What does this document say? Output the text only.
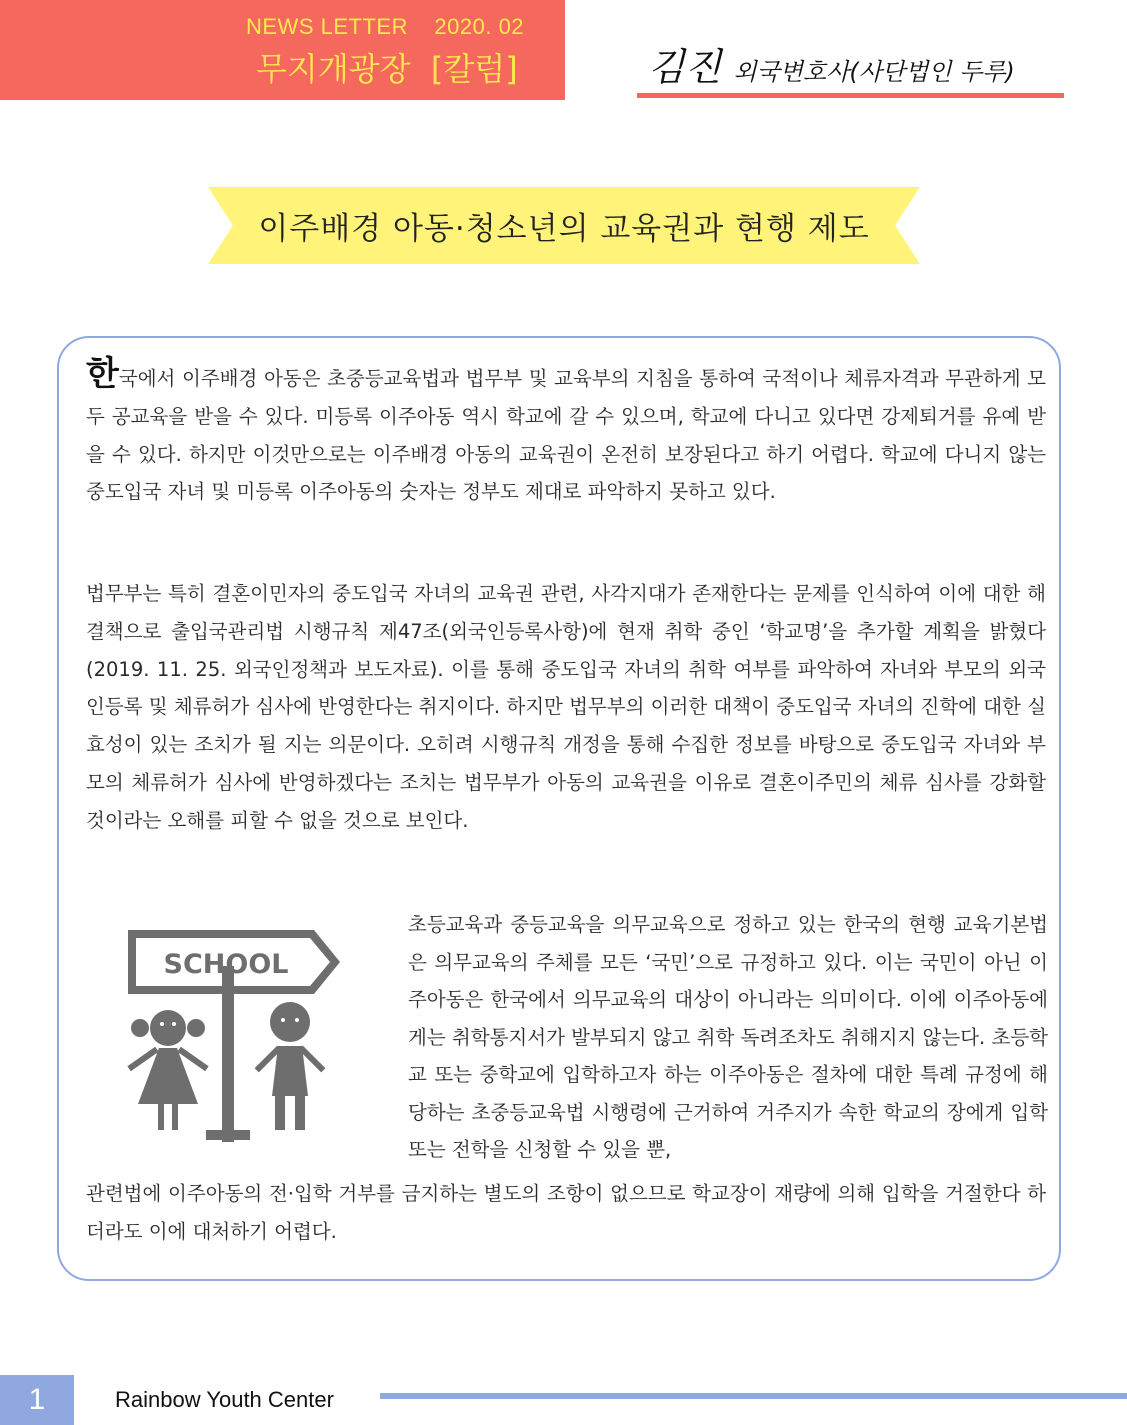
NEWS LETTER    2020. 02
무지개광장  [칼럼]	김진 외국변호사(사단법인 두루)
이주배경 아동·청소년의 교육권과 현행 제도

한국에서 이주배경 아동은 초중등교육법과 법무부 및 교육부의 지침을 통하여 국적이나 체류자격과 무관하게 모두 공교육을 받을 수 있다. 미등록 이주아동 역시 학교에 갈 수 있으며, 학교에 다니고 있다면 강제퇴거를 유예 받을 수 있다. 하지만 이것만으로는 이주배경 아동의 교육권이 온전히 보장된다고 하기 어렵다. 학교에 다니지 않는 중도입국 자녀 및 미등록 이주아동의 숫자는 정부도 제대로 파악하지 못하고 있다.

법무부는 특히 결혼이민자의 중도입국 자녀의 교육권 관련, 사각지대가 존재한다는 문제를 인식하여 이에 대한 해결책으로 출입국관리법 시행규칙 제47조(외국인등록사항)에 현재 취학 중인 ‘학교명’을 추가할 계획을 밝혔다(2019. 11. 25. 외국인정책과 보도자료). 이를 통해 중도입국 자녀의 취학 여부를 파악하여 자녀와 부모의 외국인등록 및 체류허가 심사에 반영한다는 취지이다. 하지만 법무부의 이러한 대책이 중도입국 자녀의 진학에 대한 실효성이 있는 조치가 될 지는 의문이다. 오히려 시행규칙 개정을 통해 수집한 정보를 바탕으로 중도입국 자녀와 부모의 체류허가 심사에 반영하겠다는 조치는 법무부가 아동의 교육권을 이유로 결혼이주민의 체류 심사를 강화할 것이라는 오해를 피할 수 없을 것으로 보인다.

SCHOOL

초등교육과 중등교육을 의무교육으로 정하고 있는 한국의 현행 교육기본법은 의무교육의 주체를 모든 ‘국민’으로 규정하고 있다. 이는 국민이 아닌 이주아동은 한국에서 의무교육의 대상이 아니라는 의미이다. 이에 이주아동에게는 취학통지서가 발부되지 않고 취학 독려조차도 취해지지 않는다. 초등학교 또는 중학교에 입학하고자 하는 이주아동은 절차에 대한 특례 규정에 해당하는 초중등교육법 시행령에 근거하여 거주지가 속한 학교의 장에게 입학 또는 전학을 신청할 수 있을 뿐,

관련법에 이주아동의 전·입학 거부를 금지하는 별도의 조항이 없으므로 학교장이 재량에 의해 입학을 거절한다 하더라도 이에 대처하기 어렵다.

1	Rainbow Youth Center
